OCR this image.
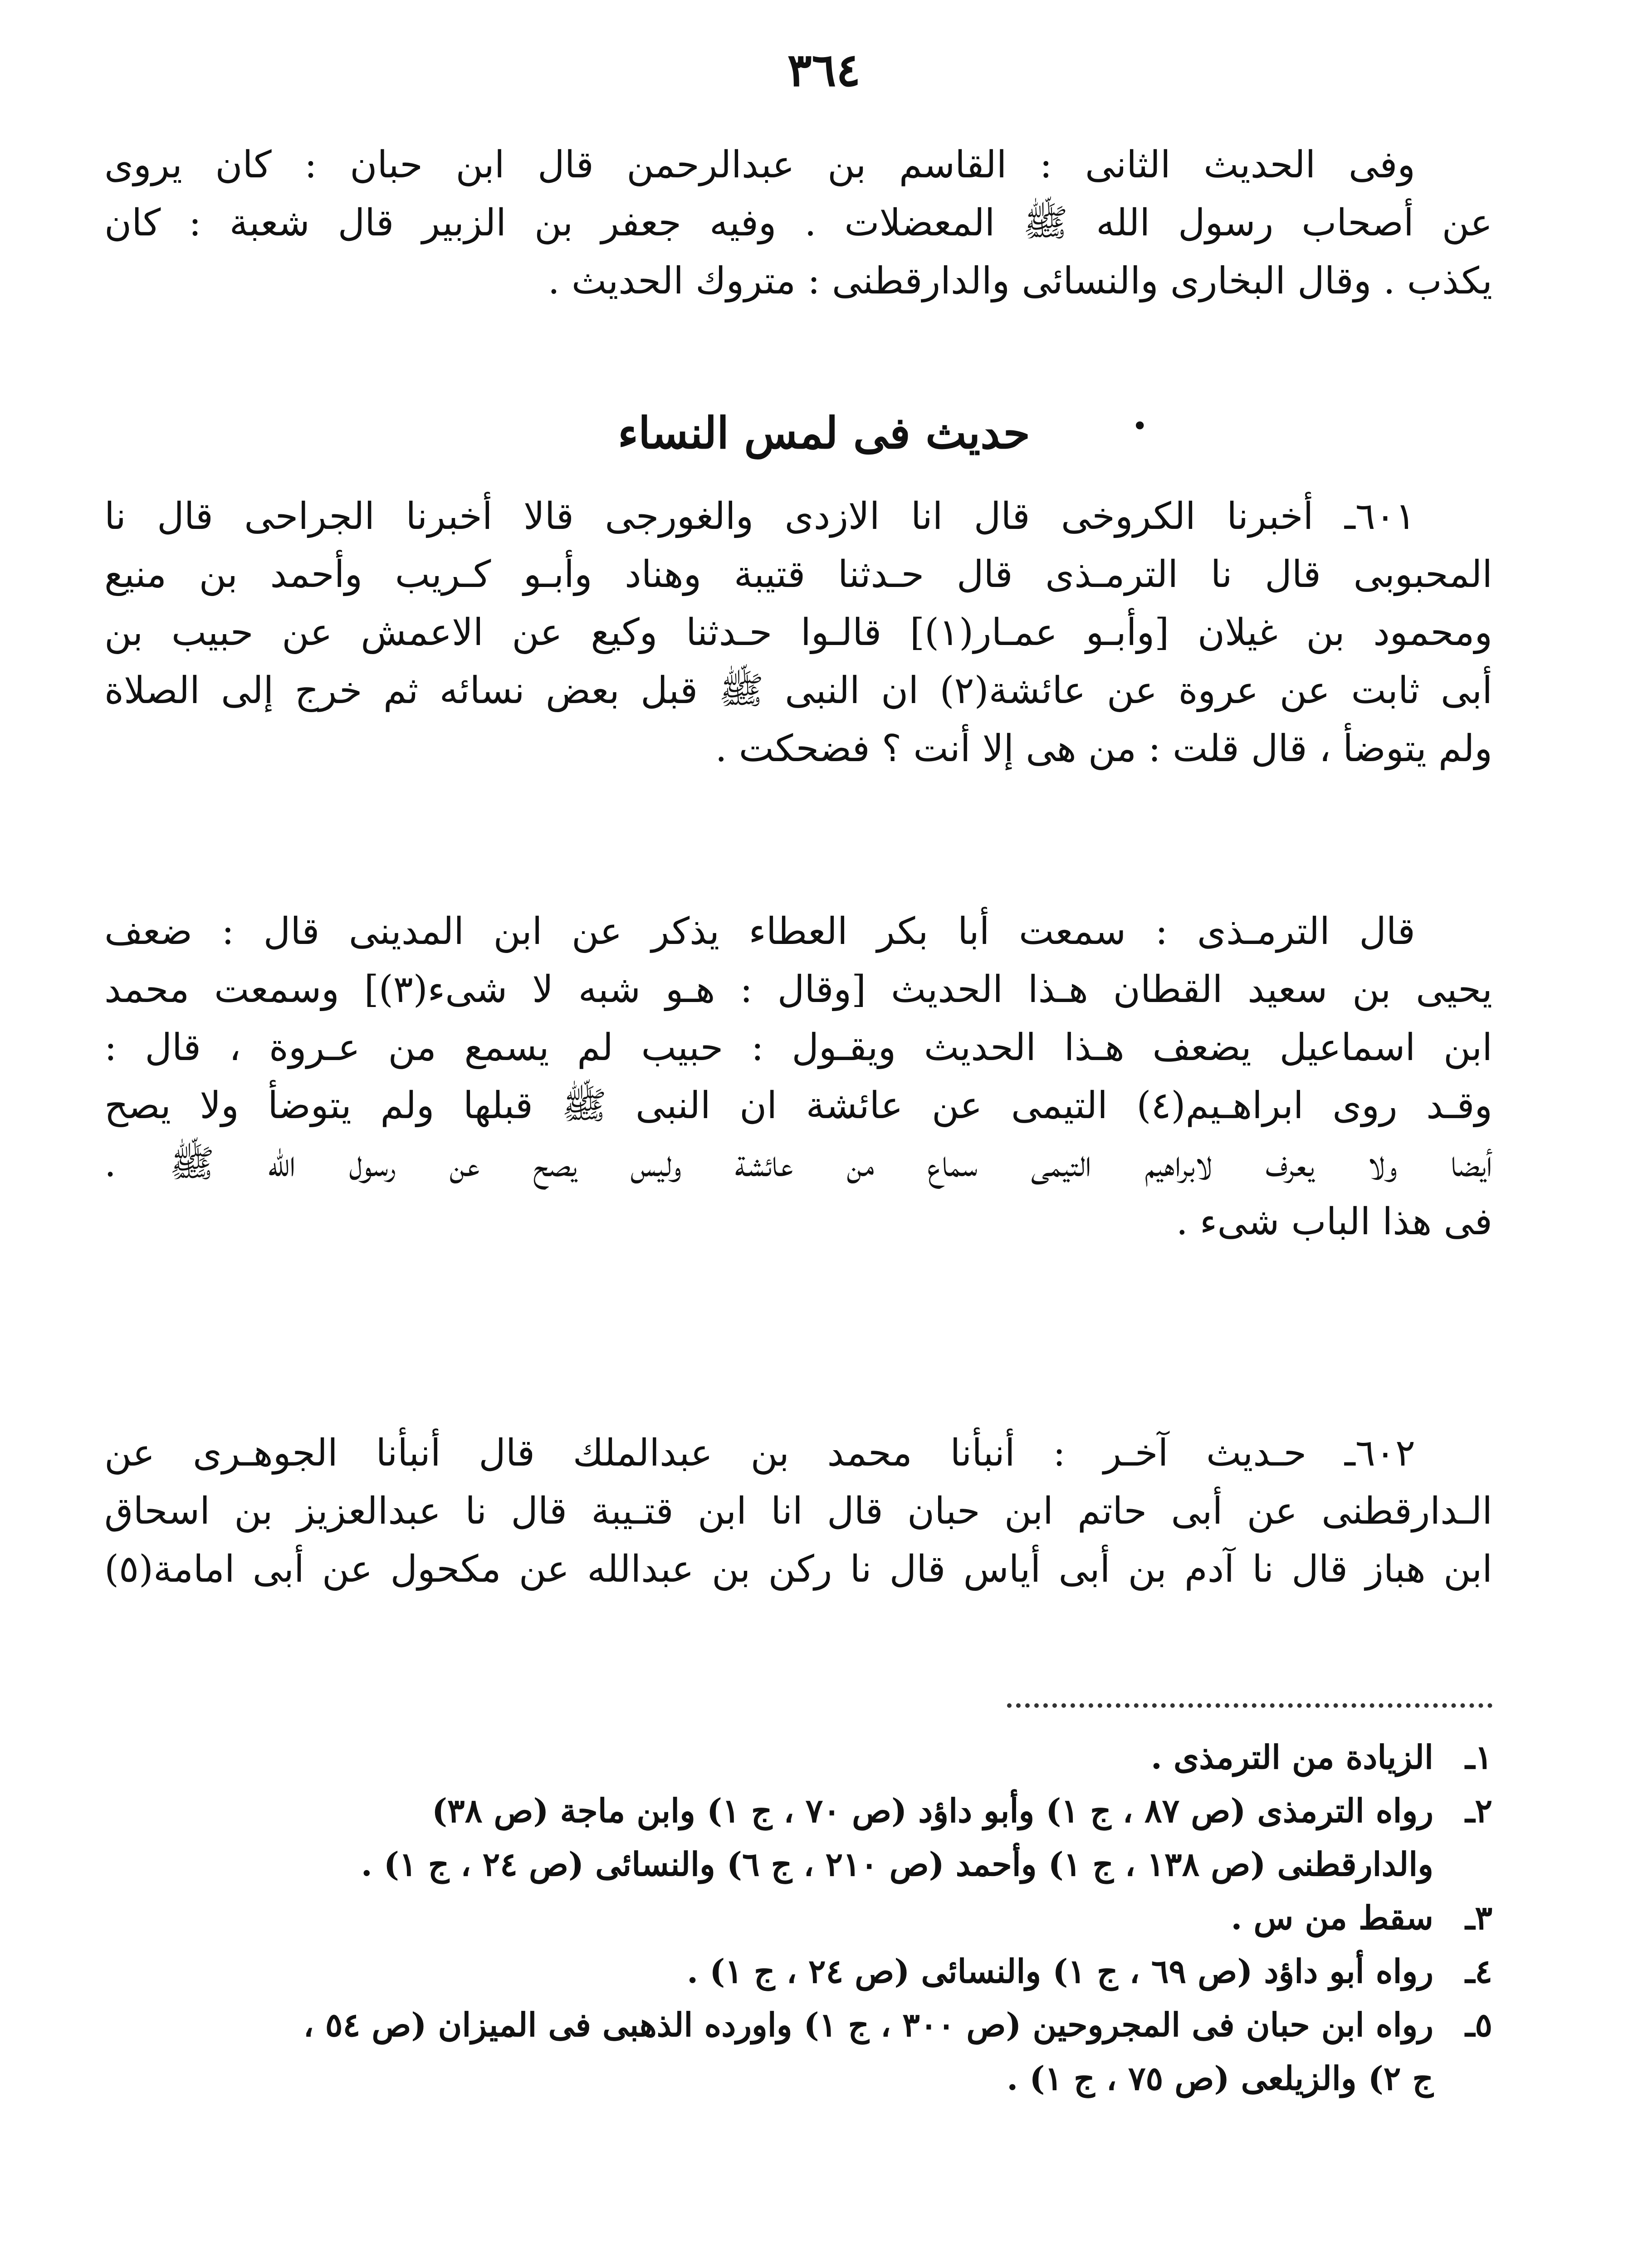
٣٦٤
وفى الحديث الثانى : القاسم بن عبدالرحمن قال ابن حبان : كان يروى
عن أصحاب رسول الله ﷺ المعضلات . وفيه جعفر بن الزبير قال شعبة : كان
يكذب . وقال البخارى والنسائى والدارقطنى : متروك الحديث .
حديث فى لمس النساء	•
٦٠١ـ أخبرنا الكروخى قال انا الازدى والغورجى قالا أخبرنا الجراحى قال نا
المحبوبى قال نا الترمـذى قال حـدثنا قتيبة وهناد وأبـو كـريب وأحمد بن منيع
ومحمود بن غيلان [وأبـو عمـار(١)] قالـوا حـدثنا وكيع عن الاعمش عن حبيب بن
أبى ثابت عن عروة عن عائشة(٢) ان النبى ﷺ قبل بعض نسائه ثم خرج إلى الصلاة
ولم يتوضأ ، قال قلت : من هى إلا أنت ؟ فضحكت .
قال الترمـذى : سمعت أبا بكر العطاء يذكر عن ابن المدينى قال : ضعف
يحيى بن سعيد القطان هـذا الحديث [وقال : هـو شبه لا شىء(٣)] وسمعت محمد
ابن اسماعيل يضعف هـذا الحديث ويقـول : حبيب لم يسمع من عـروة ، قال :
وقـد روى ابراهـيم(٤) التيمى عن عائشة ان النبى ﷺ قبلها ولم يتوضأ ولا يصح
أيضا ولا يعرف لابراهيم التيمى سماع من عائشة وليس يصح عن رسول الله ﷺ .
فى هذا الباب شىء .
٦٠٢ـ حـديث آخـر : أنبأنا محمد بن عبدالملك قال أنبأنا الجوهـرى عن
الـدارقطنى عن أبى حاتم ابن حبان قال انا ابن قتـيبة قال نا عبدالعزيز بن اسحاق
ابن هباز قال نا آدم بن أبى أياس قال نا ركن بن عبدالله عن مكحول عن أبى امامة(٥)
١ـ
الزيادة من الترمذى .
٢ـ
رواه الترمذى (ص ٨٧ ، ج ١) وأبو داؤد (ص ٧٠ ، ج ١) وابن ماجة (ص ٣٨)
والدارقطنى (ص ١٣٨ ، ج ١) وأحمد (ص ٢١٠ ، ج ٦) والنسائى (ص ٢٤ ، ج ١) .
٣ـ
سقط من س .
٤ـ
رواه أبو داؤد (ص ٦٩ ، ج ١) والنسائى (ص ٢٤ ، ج ١) .
٥ـ
رواه ابن حبان فى المجروحين (ص ٣٠٠ ، ج ١) واورده الذهبى فى الميزان (ص ٥٤ ،
ج ٢) والزيلعى (ص ٧٥ ، ج ١) .
